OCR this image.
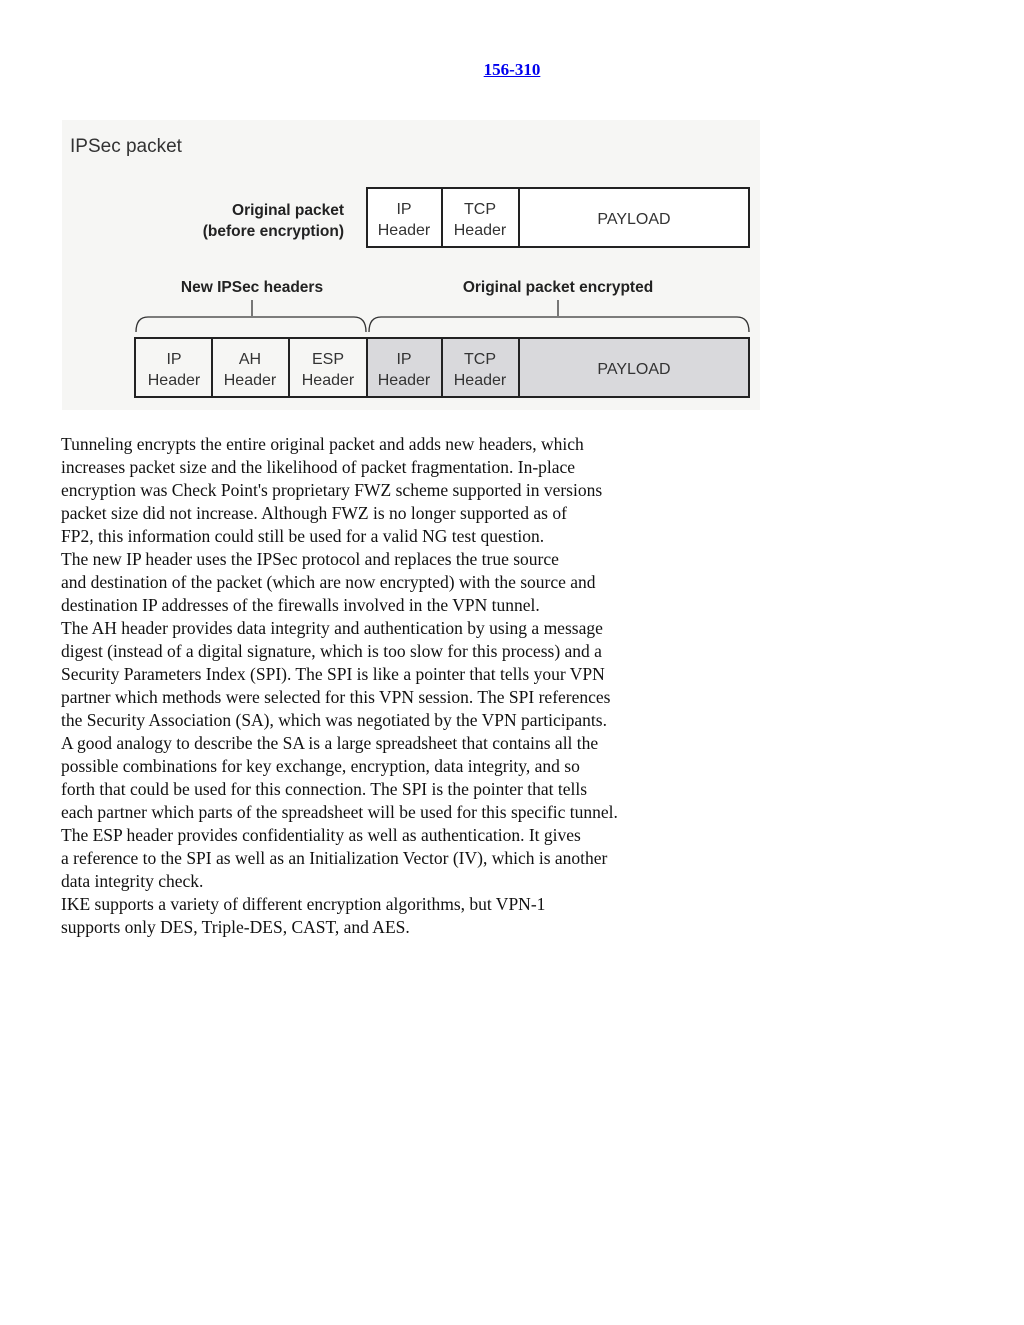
156-310
IPSec packet
Original packet
(before encryption)
IP
Header
TCP
Header
PAYLOAD
New IPSec headers	Original packet encrypted
IP
Header
AH
Header
ESP
Header
IP
Header
TCP
Header
PAYLOAD

Tunneling encrypts the entire original packet and adds new headers, which

increases packet size and the likelihood of packet fragmentation. In-place

encryption was Check Point's proprietary FWZ scheme supported in versions

packet size did not increase. Although FWZ is no longer supported as of

FP2, this information could still be used for a valid NG test question.

The new IP header uses the IPSec protocol and replaces the true source

and destination of the packet (which are now encrypted) with the source and

destination IP addresses of the firewalls involved in the VPN tunnel.

The AH header provides data integrity and authentication by using a message

digest (instead of a digital signature, which is too slow for this process) and a

Security Parameters Index (SPI). The SPI is like a pointer that tells your VPN

partner which methods were selected for this VPN session. The SPI references

the Security Association (SA), which was negotiated by the VPN participants.

A good analogy to describe the SA is a large spreadsheet that contains all the

possible combinations for key exchange, encryption, data integrity, and so

forth that could be used for this connection. The SPI is the pointer that tells

each partner which parts of the spreadsheet will be used for this specific tunnel.

The ESP header provides confidentiality as well as authentication. It gives

a reference to the SPI as well as an Initialization Vector (IV), which is another

data integrity check.

IKE supports a variety of different encryption algorithms, but VPN-1

supports only DES, Triple-DES, CAST, and AES.
